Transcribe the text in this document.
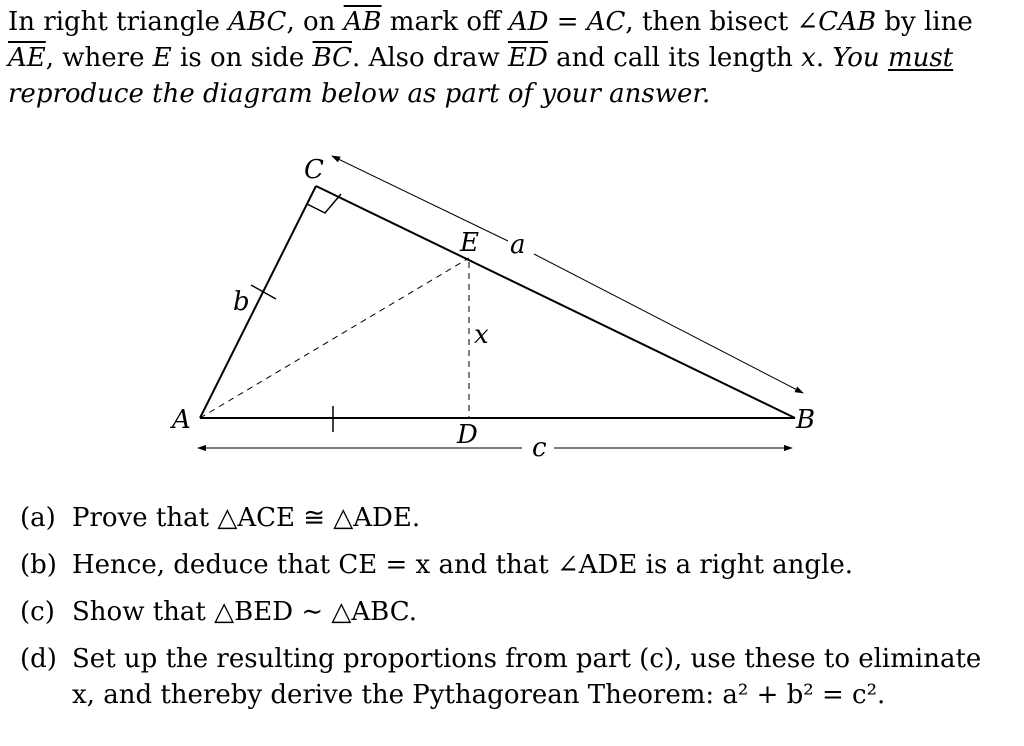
In right triangle ABC, on $\overline{AB}$ mark off AD = AC, then bisect ∠CAB by line $\overline{AE}$, where E is on side $\overline{BC}$. Also draw $\overline{ED}$ and call its length x. You must reproduce the diagram below as part of your answer.

A	B
C
D
E a
b
c
x
(a) Prove that △ACE ≅ △ADE.
(b) Hence, deduce that CE = x and that ∠ADE is a right angle.
(c) Show that △BED ∼ △ABC.
(d) Set up the resulting proportions from part (c), use these to eliminate x, and thereby derive the Pythagorean Theorem: a² + b² = c².
